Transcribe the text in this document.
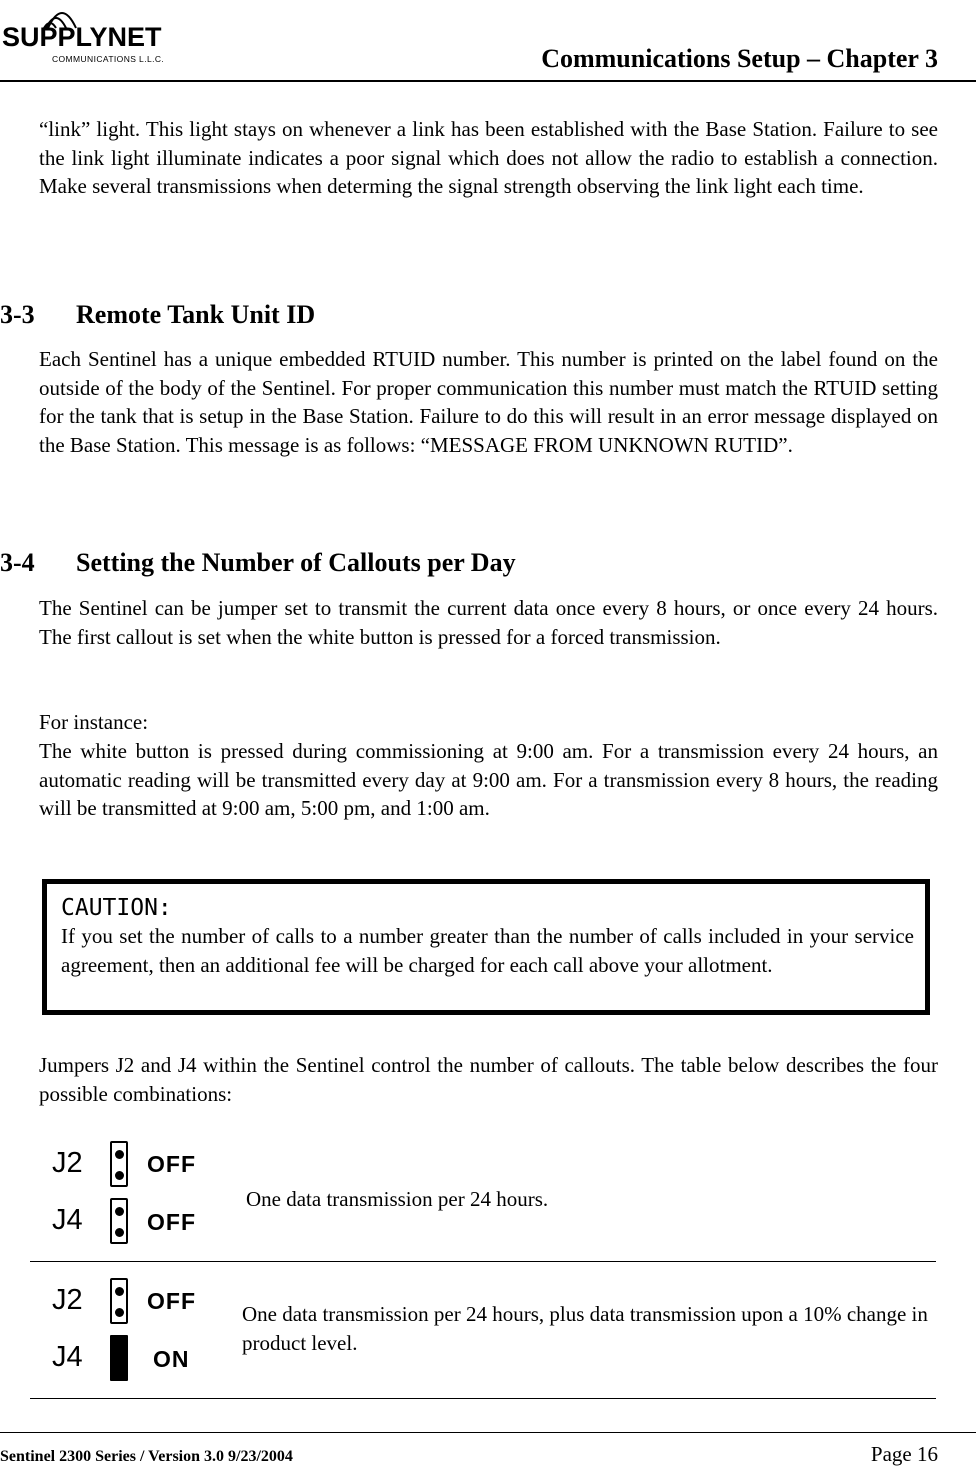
SUPPLYNET
COMMUNICATIONS L.L.C.	Communications Setup – Chapter 3
“link” light. This light stays on whenever a link has been established with the Base Station. Failure to see the link light illuminate indicates a poor signal which does not allow the radio to establish a connection. Make several transmissions when determing the signal strength observing the link light each time.
3-3 Remote Tank Unit ID
Each Sentinel has a unique embedded RTUID number. This number is printed on the label found on the outside of the body of the Sentinel. For proper communication this number must match the RTUID setting for the tank that is setup in the Base Station. Failure to do this will result in an error message displayed on the Base Station. This message is as follows: “MESSAGE FROM UNKNOWN RUTID”.
3-4 Setting the Number of Callouts per Day
The Sentinel can be jumper set to transmit the current data once every 8 hours, or once every 24 hours. The first callout is set when the white button is pressed for a forced transmission.
For instance:
The white button is pressed during commissioning at 9:00 am. For a transmission every 24 hours, an automatic reading will be transmitted every day at 9:00 am. For a transmission every 8 hours, the reading will be transmitted at 9:00 am, 5:00 pm, and 1:00 am.
CAUTION:
If you set the number of calls to a number greater than the number of calls included in your service agreement, then an additional fee will be charged for each call above your allotment.
Jumpers J2 and J4 within the Sentinel control the number of callouts. The table below describes the four possible combinations:
J2	OFF
J4	OFF
One data transmission per 24 hours.
J2	OFF
J4	ON
One data transmission per 24 hours, plus data transmission upon a 10% change in product level.
Sentinel 2300 Series / Version 3.0 9/23/2004	Page 16
